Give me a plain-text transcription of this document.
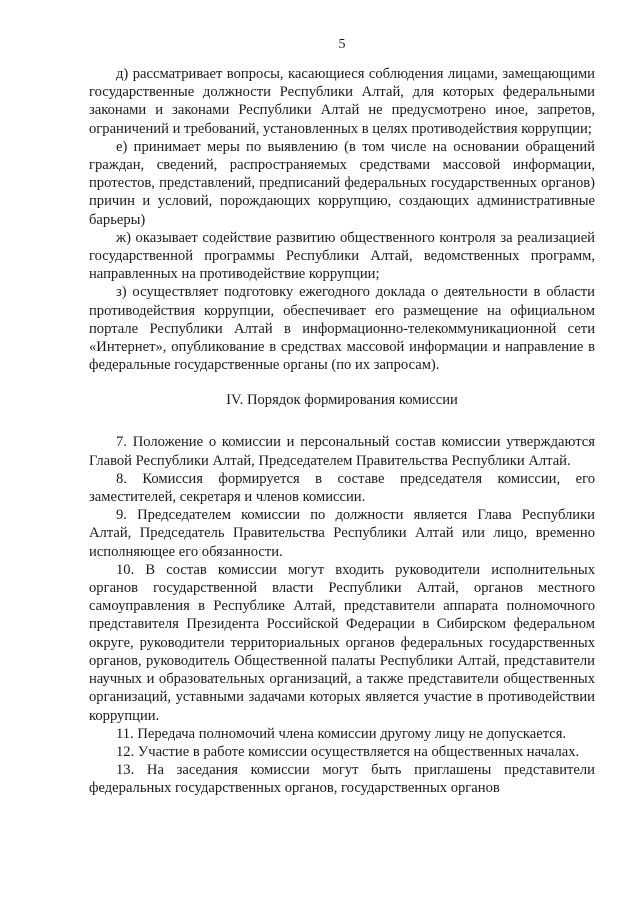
5

д) рассматривает вопросы, касающиеся соблюдения лицами, замещающими государственные должности Республики Алтай, для которых федеральными законами и законами Республики Алтай не предусмотрено иное, запретов, ограничений и требований, установленных в целях противодействия коррупции;

е) принимает меры по выявлению (в том числе на основании обращений граждан, сведений, распространяемых средствами массовой информации, протестов, представлений, предписаний федеральных государственных органов) причин и условий, порождающих коррупцию, создающих административные барьеры)

ж) оказывает содействие развитию общественного контроля за реализацией государственной программы Республики Алтай, ведомственных программ, направленных на противодействие коррупции;

з) осуществляет подготовку ежегодного доклада о деятельности в области противодействия коррупции, обеспечивает его размещение на официальном портале Республики Алтай в информационно-телекоммуникационной сети «Интернет», опубликование в средствах массовой информации и направление в федеральные государственные органы (по их запросам).

IV. Порядок формирования комиссии

7. Положение о комиссии и персональный состав комиссии утверждаются Главой Республики Алтай, Председателем Правительства Республики Алтай.

8. Комиссия формируется в составе председателя комиссии, его заместителей, секретаря и членов комиссии.

9. Председателем комиссии по должности является Глава Республики Алтай, Председатель Правительства Республики Алтай или лицо, временно исполняющее его обязанности.

10. В состав комиссии могут входить руководители исполнительных органов государственной власти Республики Алтай, органов местного самоуправления в Республике Алтай, представители аппарата полномочного представителя Президента Российской Федерации в Сибирском федеральном округе, руководители территориальных органов федеральных государственных органов, руководитель Общественной палаты Республики Алтай, представители научных и образовательных организаций, а также представители общественных организаций, уставными задачами которых является участие в противодействии коррупции.

11. Передача полномочий члена комиссии другому лицу не допускается.

12. Участие в работе комиссии осуществляется на общественных началах.

13. На заседания комиссии могут быть приглашены представители федеральных государственных органов, государственных органов
